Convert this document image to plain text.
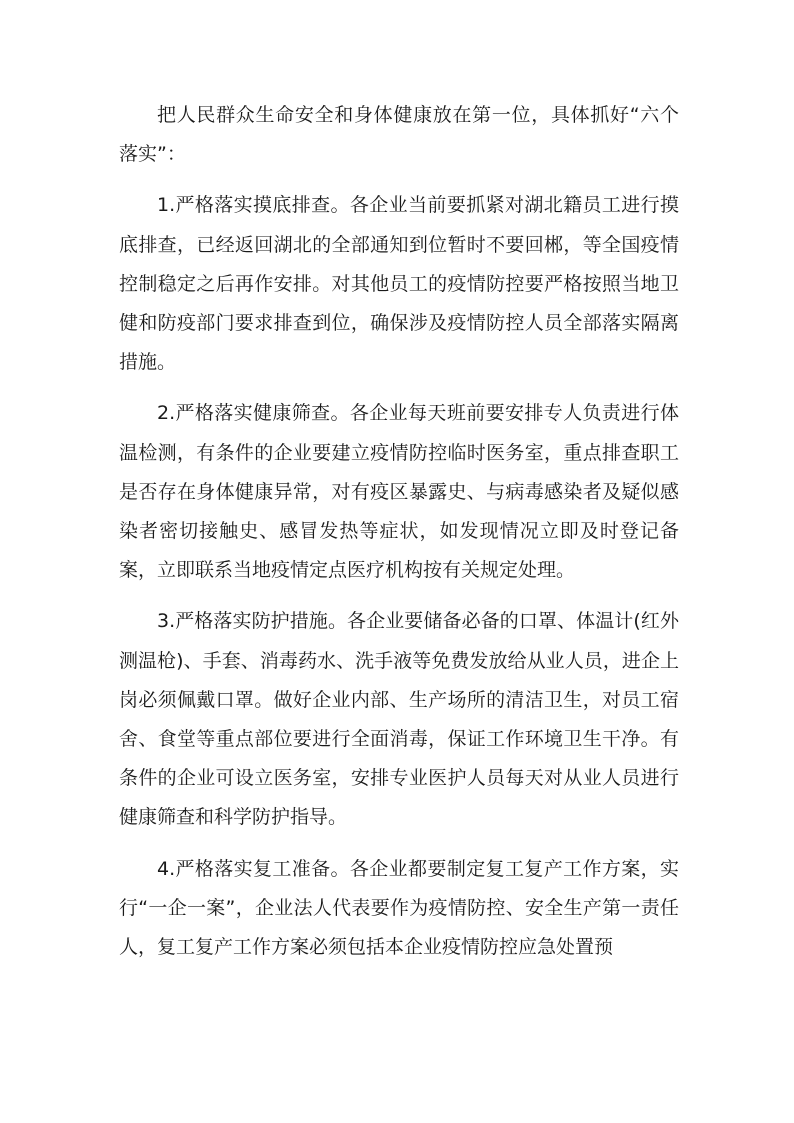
把人民群众生命安全和身体健康放在第一位，具体抓好“六个落实”：

1.严格落实摸底排查。各企业当前要抓紧对湖北籍员工进行摸底排查，已经返回湖北的全部通知到位暂时不要回郴，等全国疫情控制稳定之后再作安排。对其他员工的疫情防控要严格按照当地卫健和防疫部门要求排查到位，确保涉及疫情防控人员全部落实隔离措施。

2.严格落实健康筛查。各企业每天班前要安排专人负责进行体温检测，有条件的企业要建立疫情防控临时医务室，重点排查职工是否存在身体健康异常，对有疫区暴露史、与病毒感染者及疑似感染者密切接触史、感冒发热等症状，如发现情况立即及时登记备案，立即联系当地疫情定点医疗机构按有关规定处理。

3.严格落实防护措施。各企业要储备必备的口罩、体温计(红外测温枪)、手套、消毒药水、洗手液等免费发放给从业人员，进企上岗必须佩戴口罩。做好企业内部、生产场所的清洁卫生，对员工宿舍、食堂等重点部位要进行全面消毒，保证工作环境卫生干净。有条件的企业可设立医务室，安排专业医护人员每天对从业人员进行健康筛查和科学防护指导。

4.严格落实复工准备。各企业都要制定复工复产工作方案，实行“一企一案”，企业法人代表要作为疫情防控、安全生产第一责任人，复工复产工作方案必须包括本企业疫情防控应急处置预
